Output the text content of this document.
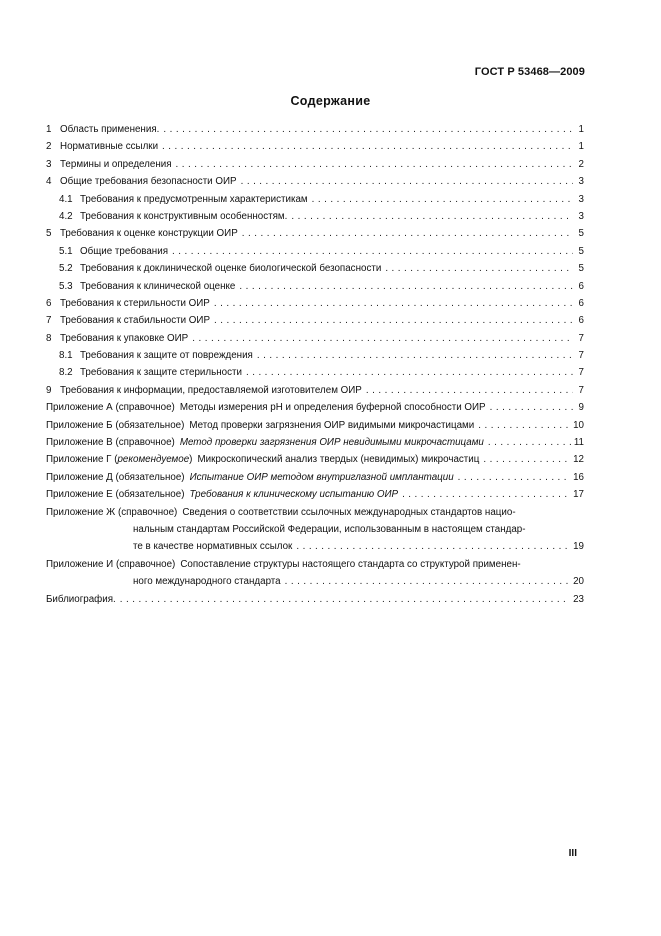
ГОСТ Р 53468—2009
Содержание
1 Область применения. . . .	1
2 Нормативные ссылки . . .	1
3 Термины и определения . . .	2
4 Общие требования безопасности ОИР . . .	3
4.1 Требования к предусмотренным характеристикам . . .	3
4.2 Требования к конструктивным особенностям. . . .	3
5 Требования к оценке конструкции ОИР . . .	5
5.1 Общие требования . . .	5
5.2 Требования к доклинической оценке биологической безопасности . . .	5
5.3 Требования к клинической оценке . . .	6
6 Требования к стерильности ОИР . . .	6
7 Требования к стабильности ОИР . . .	6
8 Требования к упаковке ОИР . . .	7
8.1 Требования к защите от повреждения . . .	7
8.2 Требования к защите стерильности . . .	7
9 Требования к информации, предоставляемой изготовителем ОИР . . .	7
Приложение А (справочное) Методы измерения рН и определения буферной способности ОИР . . .	9
Приложение Б (обязательное) Метод проверки загрязнения ОИР видимыми микрочастицами . . .	10
Приложение В (справочное) Метод проверки загрязнения ОИР невидимыми микрочастицами . . .	11
Приложение Г (рекомендуемое) Микроскопический анализ твердых (невидимых) микрочастиц . . .	12
Приложение Д (обязательное) Испытание ОИР методом внутриглазной имплантации . . .	16
Приложение Е (обязательное) Требования к клиническому испытанию ОИР . . .	17
Приложение Ж (справочное) Сведения о соответствии ссылочных международных стандартов нацио-
нальным стандартам Российской Федерации, использованным в настоящем стандар-
те в качестве нормативных ссылок . . .	19
Приложение И (справочное) Сопоставление структуры настоящего стандарта со структурой применен-
ного международного стандарта . . .	20
Библиография. . . .	23
III
